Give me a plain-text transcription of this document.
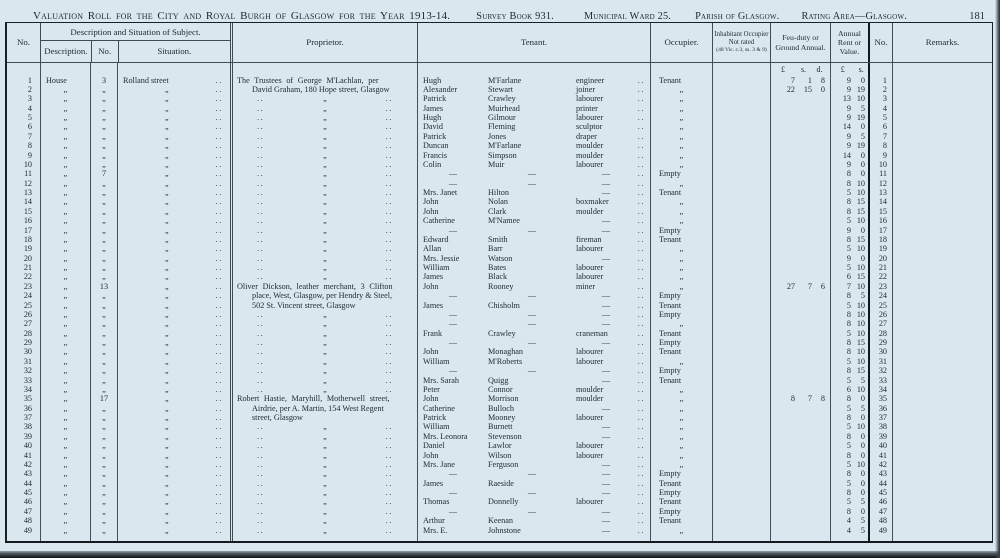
Valuation Roll for the City and Royal Burgh of Glasgow for the Year 1913-14.	Survey Book 931.	Municipal Ward 25. Parish of Glasgow. Rating Area—Glasgow.	181
No.
Description and Situation of Subject.
Description.	No.	Situation.
Proprietor.	Tenant.	Occupier.
Inhabitant Occupier
Not rated
(48 Vic. c.3, ss. 3 & 9)
Feu-duty or Ground Annual.
Annual Rent or Value.
No.	Remarks.
£	s.	d.	£	s.
1	House	3	Rolland street	..	The Trustees of George M'Lachlan, per	Hugh	M'Farlane	engineer	..	Tenant	7	1	8	9	0	1
2	„	„	„	..	David Graham, 180 Hope street, Glasgow	Alexander	Stewart	joiner	..	„	22	15	0	9 19	2
3	„	„	„	..	..	„	..	Patrick	Crawley	labourer	..	„	13 10	3
4	„	„	„	..	..	„	..	James	Muirhead	printer	..	„	9	5	4
5	„	„	„	..	..	„	..	Hugh	Gilmour	labourer	..	„	9 19	5
6	„	„	„	..	..	„	..	David	Fleming	sculptor	..	„	14	0	6
7	„	„	„	..	..	„	..	Patrick	Jones	draper	..	„	9	5	7
8	„	„	„	..	..	„	..	Duncan	M'Farlane	moulder	..	„	9 19	8
9	„	„	„	..	..	„	..	Francis	Simpson	moulder	..	„	14	0	9
10	„	„	„	..	..	„	..	Colin	Muir	labourer	..	„	9	0	10
11	„	7	„	..	..	„	..	—	—	—	..	Empty	8	0	11
12	„	„	„	..	..	„	..	—	—	—	..	„	8 10	12
13	„	„	„	..	..	„	..	Mrs. Janet	Hilton	—	..	Tenant	5 10	13
14	„	„	„	..	..	„	..	John	Nolan	boxmaker	..	„	8 15	14
15	„	„	„	..	..	„	..	John	Clark	moulder	..	„	8 15	15
16	„	„	„	..	..	„	..	Catherine	M'Namee	—	..	„	5 10	16
17	„	„	„	..	..	„	..	—	—	—	..	Empty	9	0	17
18	„	„	„	..	..	„	..	Edward	Smith	fireman	..	Tenant	8 15	18
19	„	„	„	..	..	„	..	Allan	Barr	labourer	..	„	5 10	19
20	„	„	„	..	..	„	..	Mrs. Jessie	Watson	—	..	„	9	0	20
21	„	„	„	..	..	„	..	William	Bates	labourer	..	„	5 10	21
22	„	„	„	..	..	„	..	James	Black	labourer	..	„	6 15	22
23	„	13	„	..	Oliver Dickson, leather merchant, 3 Clifton	John	Rooney	miner	..	„	27	7	6	7 10	23
24	„	„	„	..	place, West, Glasgow, per Hendry & Steel,	—	—	—	..	Empty	8	5	24
25	„	„	„	..	502 St. Vincent street, Glasgow	James	Chisholm	—	..	Tenant	5 10	25
26	„	„	„	..	..	„	..	—	—	—	..	Empty	8 10	26
27	„	„	„	..	..	„	..	—	—	—	..	„	8 10	27
28	„	„	„	..	..	„	..	Frank	Crawley	craneman	..	Tenant	5 10	28
29	„	„	„	..	..	„	..	—	—	—	..	Empty	8 15	29
30	„	„	„	..	..	„	..	John	Monaghan	labourer	..	Tenant	8 10	30
31	„	„	„	..	..	„	..	William	M'Roberts	labourer	..	„	5 10	31
32	„	„	„	..	..	„	..	—	—	—	..	Empty	8 15	32
33	„	„	„	..	..	„	..	Mrs. Sarah	Quigg	—	..	Tenant	5	5	33
34	„	„	„	..	..	„	..	Peter	Connor	moulder	..	„	6 10	34
35	„	17	„	..	Robert Hastie, Maryhill, Motherwell street,	John	Morrison	moulder	..	„	8	7	8	8	0	35
36	„	„	„	..	Airdrie, per A. Martin, 154 West Regent	Catherine	Bulloch	—	..	„	5	5	36
37	„	„	„	..	street, Glasgow	Patrick	Mooney	labourer	..	„	8	0	37
38	„	„	„	..	..	„	..	William	Burnett	—	..	„	5 10	38
39	„	„	„	..	..	„	..	Mrs. Leonora	Stevenson	—	..	„	8	0	39
40	„	„	„	..	..	„	..	Daniel	Lawlor	labourer	..	„	5	0	40
41	„	„	„	..	..	„	..	John	Wilson	labourer	..	„	8	0	41
42	„	„	„	..	..	„	..	Mrs. Jane	Ferguson	—	..	„	5 10	42
43	„	„	„	..	..	„	..	—	—	—	..	Empty	8	0	43
44	„	„	„	..	..	„	..	James	Raeside	—	..	Tenant	5	0	44
45	„	„	„	..	..	„	..	—	—	—	..	Empty	8	0	45
46	„	„	„	..	..	„	..	Thomas	Donnelly	labourer	..	Tenant	5	5	46
47	„	„	„	..	..	„	..	—	—	—	..	Empty	8	0	47
48	„	„	„	..	..	„	..	Arthur	Keenan	—	..	Tenant	4	5	48
49	„	„	„	..	..	„	..	Mrs. E.	Johnstone	—	..	„	4	5	49
